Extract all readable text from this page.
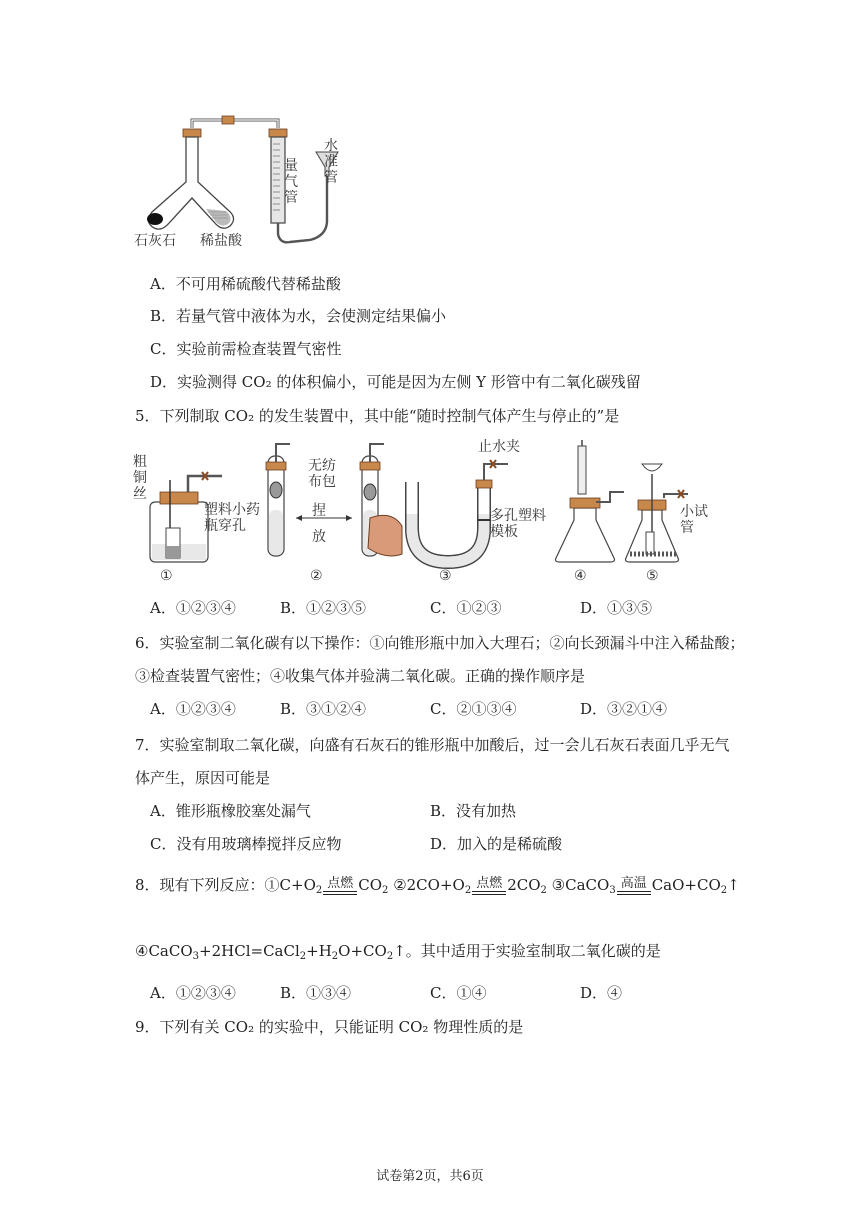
水准管
量气管
石灰石 稀盐酸
A．不可用稀硫酸代替稀盐酸
B．若量气管中液体为水，会使测定结果偏小
C．实验前需检查装置气密性
D．实验测得 CO₂ 的体积偏小，可能是因为左侧 Y 形管中有二氧化碳残留
5．下列制取 CO₂ 的发生装置中，其中能“随时控制气体产生与停止的”是
粗铜丝
塑料小药瓶穿孔
无纺布包
捏
放
止水夹
多孔塑料模板
小试管
①	②	③	④	⑤
A．①②③④	B．①②③⑤	C．①②③	D．①③⑤
6．实验室制二氧化碳有以下操作：①向锥形瓶中加入大理石；②向长颈漏斗中注入稀盐酸；
③检查装置气密性；④收集气体并验满二氧化碳。正确的操作顺序是
A．①②③④	B．③①②④	C．②①③④	D．③②①④
7．实验室制取二氧化碳，向盛有石灰石的锥形瓶中加酸后，过一会儿石灰石表面几乎无气
体产生，原因可能是
A．锥形瓶橡胶塞处漏气	B．没有加热
C．没有用玻璃棒搅拌反应物	D．加入的是稀硫酸
8．现有下列反应：$①C+O_2$ 点燃 $CO_2$ $②2CO+O_2$ 点燃 $2CO_2$ ③CaCO$_3$ 高温 $CaO+CO_2↑$
$④CaCO_3+2HCl=CaCl_2+H_2O+CO_2↑$。其中适用于实验室制取二氧化碳的是
A．①②③④	B．①③④	C．①④	D．④
9．下列有关 CO₂ 的实验中，只能证明 CO₂ 物理性质的是
试卷第2页，共6页
